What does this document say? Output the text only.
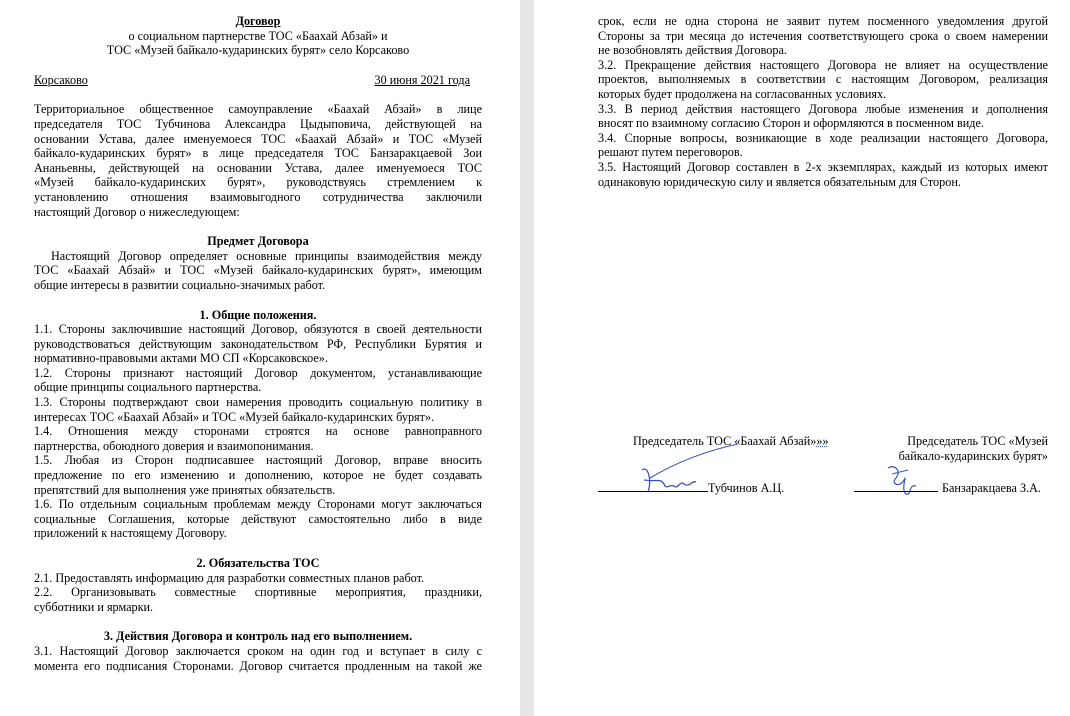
Договор

о социальном партнерстве ТОС «Баахай Абзай» и

ТОС «Музей байкало-кударинских бурят» село Корсаково

Корсаково	30 июня 2021 года

Территориальное общественное самоуправление «Баахай Абзай» в лице

председателя ТОС Тубчинова Александра Цыдыповича, действующей на

основании Устава, далее именуемоеся ТОС «Баахай Абзай» и ТОС «Музей

байкало-кударинских бурят» в лице председателя ТОС Банзаракцаевой Зои

Ананьевны, действующей на основании Устава, далее именуемоеся ТОС

«Музей байкало-кударинских бурят», руководствуясь стремлением к

установлению отношения взаимовыгодного сотрудничества заключили

настоящий Договор о нижеследующем:

Предмет Договора

Настоящий Договор определяет основные принципы взаимодействия между

ТОС «Баахай Абзай» и ТОС «Музей байкало-кударинских бурят», имеющим

общие интересы в развитии социально-значимых работ.

1. Общие положения.

1.1. Стороны заключившие настоящий Договор, обязуются в своей деятельности

руководствоваться действующим законодательством РФ, Республики Бурятия и

нормативно-правовыми актами МО СП «Корсаковское».

1.2. Стороны признают настоящий Договор документом, устанавливающие

общие принципы социального партнерства.

1.3. Стороны подтверждают свои намерения проводить социальную политику в

интересах ТОС «Баахай Абзай» и ТОС «Музей байкало-кударинских бурят».

1.4. Отношения между сторонами строятся на основе равноправного

партнерства, обоюдного доверия и взаимопонимания.

1.5. Любая из Сторон подписавшее настоящий Договор, вправе вносить

предложение по его изменению и дополнению, которое не будет создавать

препятствий для выполнения уже принятых обязательств.

1.6. По отдельным социальным проблемам между Сторонами могут заключаться

социальные Соглашения, которые действуют самостоятельно либо в виде

приложений к настоящему Договору.

2. Обязательства ТОС

2.1. Предоставлять информацию для разработки совместных планов работ.

2.2. Организовывать совместные спортивные мероприятия, праздники,

субботники и ярмарки.

3. Действия Договора и контроль над его выполнением.

3.1. Настоящий Договор заключается сроком на один год и вступает в силу с

момента его подписания Сторонами. Договор считается продленным на такой же

срок, если не одна сторона не заявит путем посменного уведомления другой

Стороны за три месяца до истечения соответствующего срока о своем намерении

не возобновлять действия Договора.

3.2. Прекращение действия настоящего Договора не влияет на осуществление

проектов, выполняемых в соответствии с настоящим Договором, реализация

которых будет продолжена на согласованных условиях.

3.3. В период действия настоящего Договора любые изменения и дополнения

вносят по взаимному согласию Сторон и оформляются в посменном виде.

3.4. Спорные вопросы, возникающие в ходе реализации настоящего Договора,

решают путем переговоров.

3.5. Настоящий Договор составлен в 2-х экземплярах, каждый из которых имеют

одинаковую юридическую силу и является обязательным для Сторон.

Председатель ТОС «Баахай Абзай»»»	Председатель ТОС «Музей

байкало-кударинских бурят»

Тубчинов А.Ц.	Банзаракцаева З.А.
